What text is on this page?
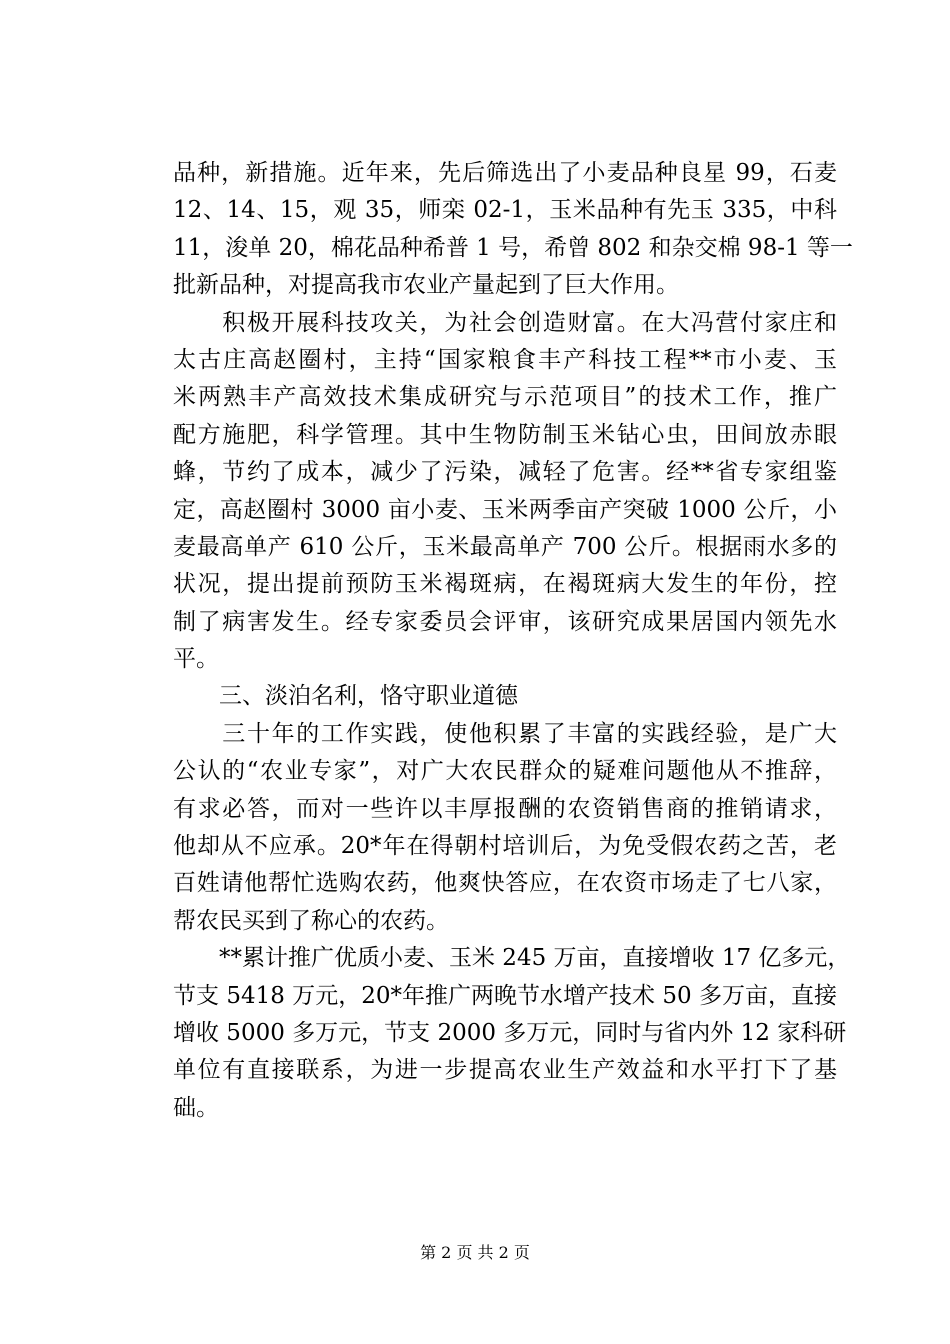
品种，新措施。近年来，先后筛选出了小麦品种良星 99，石麦
12、14、15，观 35，师栾 02-1，玉米品种有先玉 335，中科
11，浚单 20，棉花品种希普 1 号，希曾 802 和杂交棉 98-1 等一
批新品种，对提高我市农业产量起到了巨大作用。
　　积极开展科技攻关，为社会创造财富。在大冯营付家庄和
太古庄高赵圈村，主持“国家粮食丰产科技工程**市小麦、玉
米两熟丰产高效技术集成研究与示范项目”的技术工作，推广
配方施肥，科学管理。其中生物防制玉米钻心虫，田间放赤眼
蜂，节约了成本，减少了污染，减轻了危害。经**省专家组鉴
定，高赵圈村 3000 亩小麦、玉米两季亩产突破 1000 公斤，小
麦最高单产 610 公斤，玉米最高单产 700 公斤。根据雨水多的
状况，提出提前预防玉米褐斑病，在褐斑病大发生的年份，控
制了病害发生。经专家委员会评审，该研究成果居国内领先水
平。
　　三、淡泊名利，恪守职业道德
　　三十年的工作实践，使他积累了丰富的实践经验，是广大
公认的“农业专家”，对广大农民群众的疑难问题他从不推辞，
有求必答，而对一些许以丰厚报酬的农资销售商的推销请求，
他却从不应承。20*年在得朝村培训后，为免受假农药之苦，老
百姓请他帮忙选购农药，他爽快答应，在农资市场走了七八家，
帮农民买到了称心的农药。
　　**累计推广优质小麦、玉米 245 万亩，直接增收 17 亿多元，
节支 5418 万元，20*年推广两晚节水增产技术 50 多万亩，直接
增收 5000 多万元，节支 2000 多万元，同时与省内外 12 家科研
单位有直接联系，为进一步提高农业生产效益和水平打下了基
础。
第 2 页 共 2 页
